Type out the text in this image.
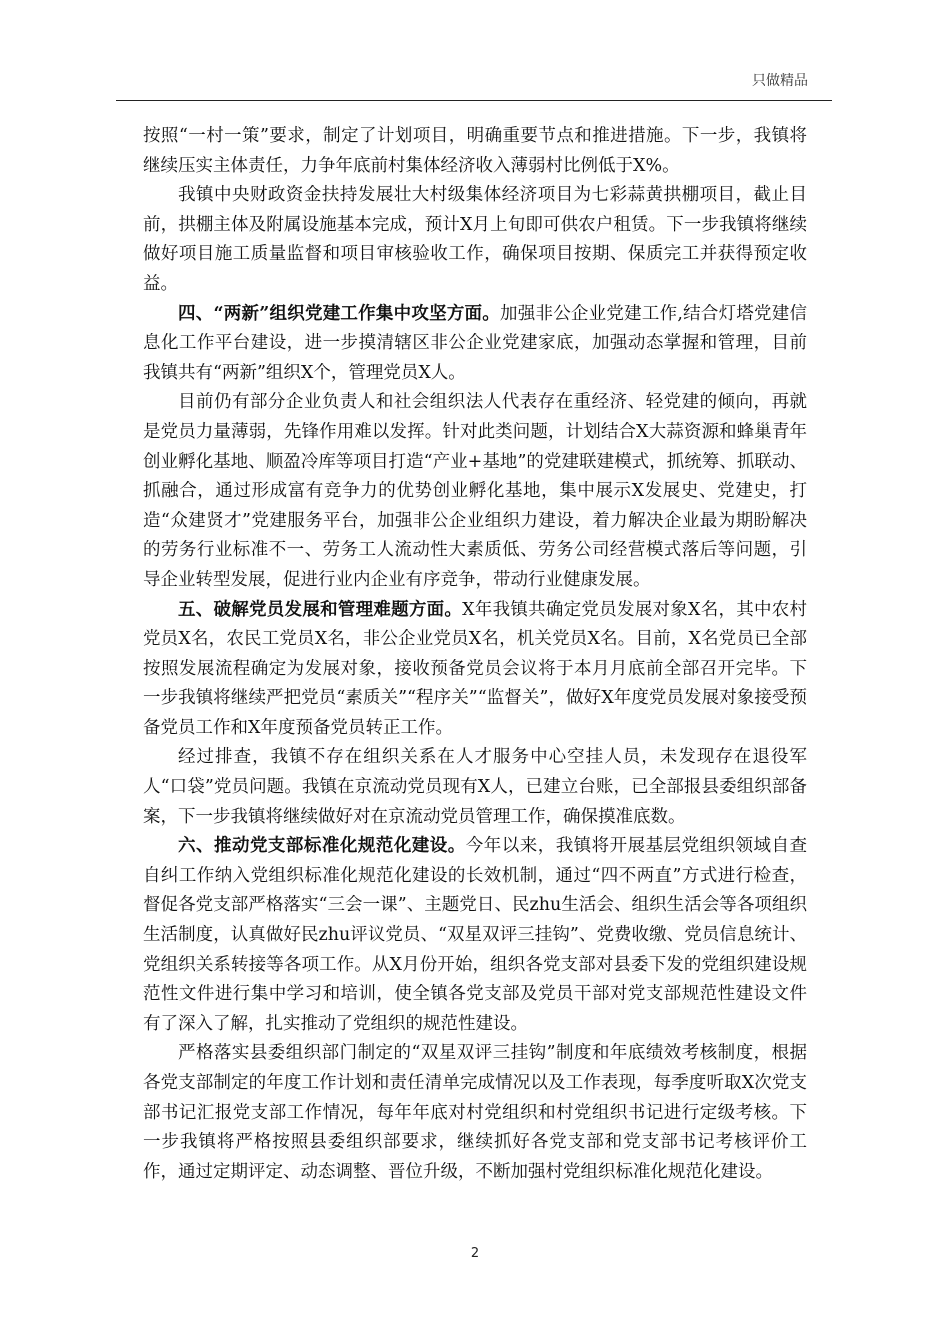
只做精品

按照“一村一策”要求，制定了计划项目，明确重要节点和推进措施。下一步，我镇将继续压实主体责任，力争年底前村集体经济收入薄弱村比例低于X%。

我镇中央财政资金扶持发展壮大村级集体经济项目为七彩蒜黄拱棚项目，截止目前，拱棚主体及附属设施基本完成，预计X月上旬即可供农户租赁。下一步我镇将继续做好项目施工质量监督和项目审核验收工作，确保项目按期、保质完工并获得预定收益。

四、“两新”组织党建工作集中攻坚方面。加强非公企业党建工作,结合灯塔党建信息化工作平台建设，进一步摸清辖区非公企业党建家底，加强动态掌握和管理，目前我镇共有“两新”组织X个，管理党员X人。

目前仍有部分企业负责人和社会组织法人代表存在重经济、轻党建的倾向，再就是党员力量薄弱，先锋作用难以发挥。针对此类问题，计划结合X大蒜资源和蜂巢青年创业孵化基地、顺盈冷库等项目打造“产业+基地”的党建联建模式，抓统筹、抓联动、抓融合，通过形成富有竞争力的优势创业孵化基地，集中展示X发展史、党建史，打造“众建贤才”党建服务平台，加强非公企业组织力建设，着力解决企业最为期盼解决的劳务行业标准不一、劳务工人流动性大素质低、劳务公司经营模式落后等问题，引导企业转型发展，促进行业内企业有序竞争，带动行业健康发展。

五、破解党员发展和管理难题方面。X年我镇共确定党员发展对象X名，其中农村党员X名，农民工党员X名，非公企业党员X名，机关党员X名。目前，X名党员已全部按照发展流程确定为发展对象，接收预备党员会议将于本月月底前全部召开完毕。下一步我镇将继续严把党员“素质关”“程序关”“监督关”，做好X年度党员发展对象接受预备党员工作和X年度预备党员转正工作。

经过排查，我镇不存在组织关系在人才服务中心空挂人员，未发现存在退役军人“口袋”党员问题。我镇在京流动党员现有X人，已建立台账，已全部报县委组织部备案，下一步我镇将继续做好对在京流动党员管理工作，确保摸准底数。

六、推动党支部标准化规范化建设。今年以来，我镇将开展基层党组织领域自查自纠工作纳入党组织标准化规范化建设的长效机制，通过“四不两直”方式进行检查，督促各党支部严格落实“三会一课”、主题党日、民zhu生活会、组织生活会等各项组织生活制度，认真做好民zhu评议党员、“双星双评三挂钩”、党费收缴、党员信息统计、党组织关系转接等各项工作。从X月份开始，组织各党支部对县委下发的党组织建设规范性文件进行集中学习和培训，使全镇各党支部及党员干部对党支部规范性建设文件有了深入了解，扎实推动了党组织的规范性建设。

严格落实县委组织部门制定的“双星双评三挂钩”制度和年底绩效考核制度，根据各党支部制定的年度工作计划和责任清单完成情况以及工作表现，每季度听取X次党支部书记汇报党支部工作情况，每年年底对村党组织和村党组织书记进行定级考核。下一步我镇将严格按照县委组织部要求，继续抓好各党支部和党支部书记考核评价工作，通过定期评定、动态调整、晋位升级，不断加强村党组织标准化规范化建设。

2
